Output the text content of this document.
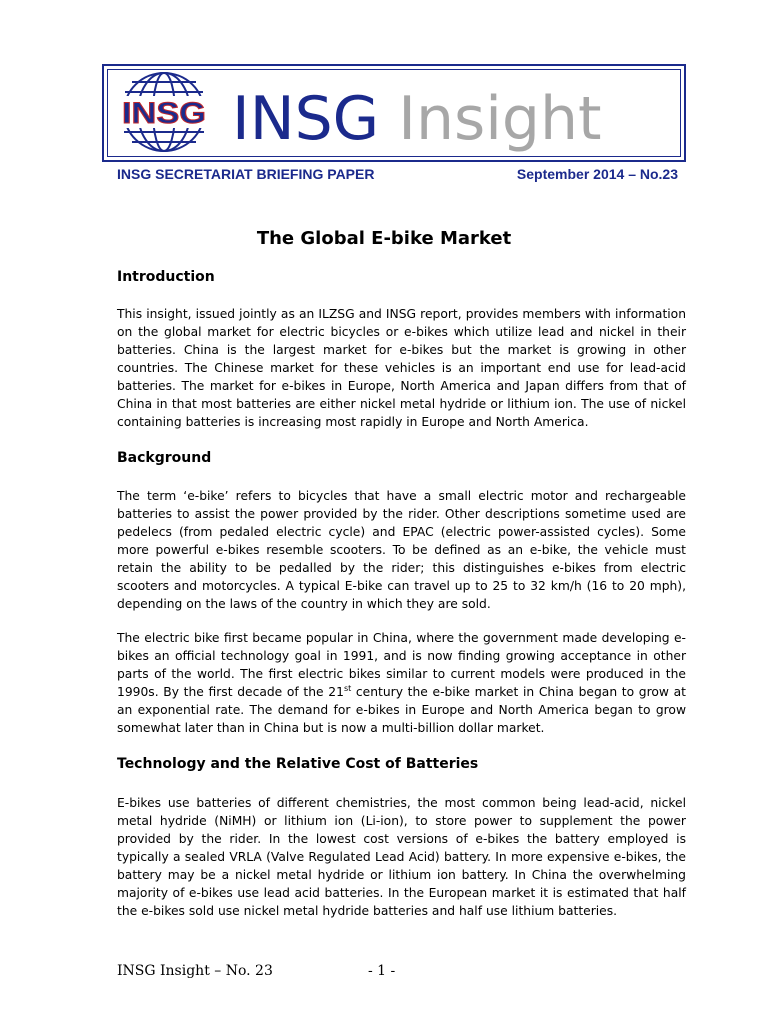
INSG INSG Insight
INSG SECRETARIAT BRIEFING PAPER	September 2014 – No.23
The Global E-bike Market
Introduction

This insight, issued jointly as an ILZSG and INSG report, provides members with information on the global market for electric bicycles or e-bikes which utilize lead and nickel in their batteries. China is the largest market for e-bikes but the market is growing in other countries. The Chinese market for these vehicles is an important end use for lead-acid batteries. The market for e-bikes in Europe, North America and Japan differs from that of China in that most batteries are either nickel metal hydride or lithium ion. The use of nickel containing batteries is increasing most rapidly in Europe and North America.

Background

The term ‘e-bike’ refers to bicycles that have a small electric motor and rechargeable batteries to assist the power provided by the rider. Other descriptions sometime used are pedelecs (from pedaled electric cycle) and EPAC (electric power-assisted cycles). Some more powerful e-bikes resemble scooters. To be defined as an e-bike, the vehicle must retain the ability to be pedalled by the rider; this distinguishes e-bikes from electric scooters and motorcycles. A typical E-bike can travel up to 25 to 32 km/h (16 to 20 mph), depending on the laws of the country in which they are sold.

The electric bike first became popular in China, where the government made developing e-bikes an official technology goal in 1991, and is now finding growing acceptance in other parts of the world. The first electric bikes similar to current models were produced in the 1990s. By the first decade of the 21st century the e-bike market in China began to grow at an exponential rate. The demand for e-bikes in Europe and North America began to grow somewhat later than in China but is now a multi-billion dollar market.

Technology and the Relative Cost of Batteries

E-bikes use batteries of different chemistries, the most common being lead-acid, nickel metal hydride (NiMH) or lithium ion (Li-ion), to store power to supplement the power provided by the rider. In the lowest cost versions of e-bikes the battery employed is typically a sealed VRLA (Valve Regulated Lead Acid) battery. In more expensive e-bikes, the battery may be a nickel metal hydride or lithium ion battery. In China the overwhelming majority of e-bikes use lead acid batteries. In the European market it is estimated that half the e-bikes sold use nickel metal hydride batteries and half use lithium batteries.

INSG Insight – No. 23	- 1 -
